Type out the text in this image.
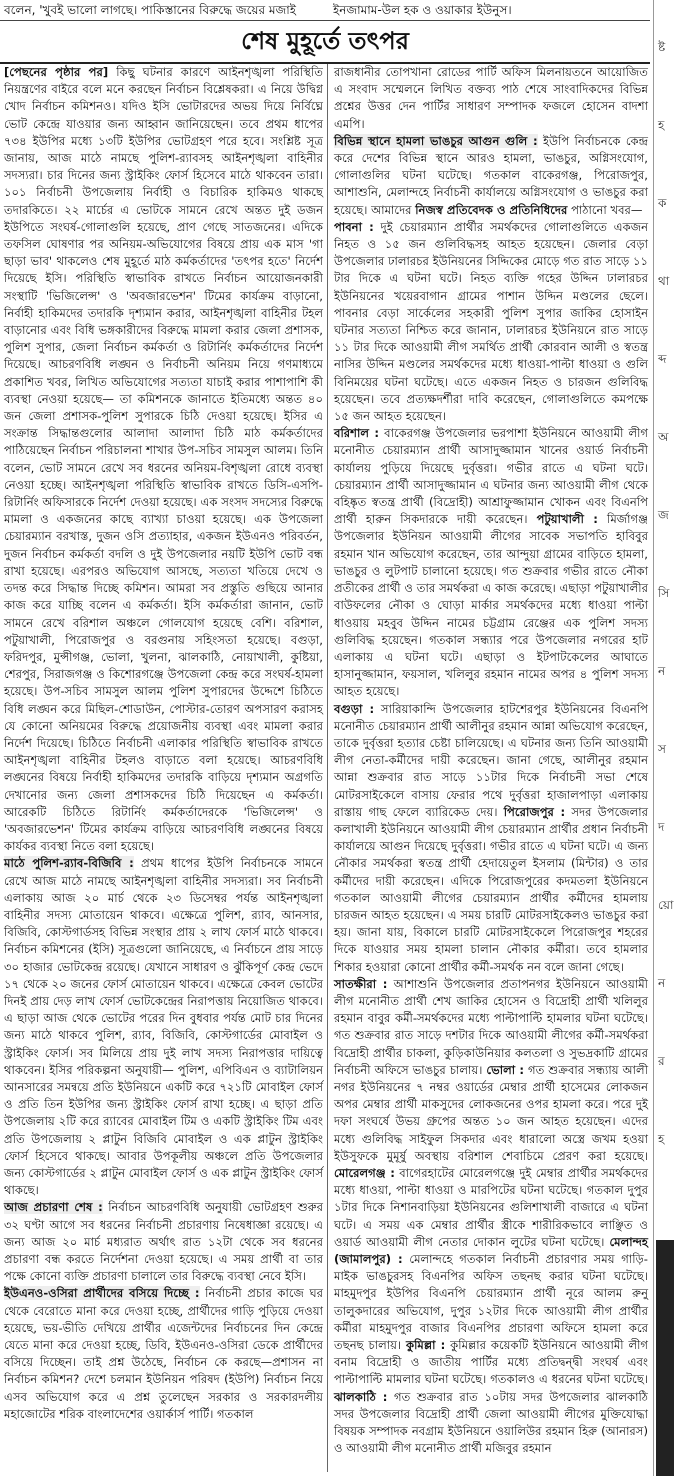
বলেন, 'খুবই ভালো লাগছে। পাকিস্তানের বিরুদ্ধে জয়ের মজাই	ইনজামাম-উল হক ও ওয়াকার ইউনুস।
শেষ মুহূর্তে তৎপর

[পেছনের পৃষ্ঠার পর] কিছু ঘটনার কারণে আইনশৃঙ্খলা পরিস্থিতি নিয়ন্ত্রণের বাইরে বলে মনে করছেন নির্বাচন বিশ্লেষকরা। এ নিয়ে উদ্বিগ্ন খোদ নির্বাচন কমিশনও। যদিও ইসি ভোটারদের অভয় দিয়ে নির্বিঘ্নে ভোট কেন্দ্রে যাওয়ার জন্য আহ্বান জানিয়েছেন। তবে প্রথম ধাপের ৭৩৪ ইউপির মধ্যে ১৩টি ইউপির ভোটগ্রহণ পরে হবে। সংশ্লিষ্ট সূত্র জানায়, আজ মাঠে নামছে পুলিশ-র‌্যাবসহ আইনশৃঙ্খলা বাহিনীর সদস্যরা। চার দিনের জন্য স্ট্রাইকিং ফোর্স হিসেবে মাঠে থাকবেন তারা। ১০১ নির্বাচনী উপজেলায় নির্বাহী ও বিচারিক হাকিমও থাকছে তদারকিতে। ২২ মার্চের এ ভোটকে সামনে রেখে অন্তত দুই ডজন ইউপিতে সংঘর্ষ-গোলাগুলি হয়েছে, প্রাণ গেছে সাতজনের। এদিকে তফসিল ঘোষণার পর অনিয়ম-অভিযোগের বিষয়ে প্রায় এক মাস 'গা ছাড়া ভাব' থাকলেও শেষ মুহূর্তে মাঠ কর্মকর্তাদের 'তৎপর হতে' নির্দেশ দিয়েছে ইসি। পরিস্থিতি স্বাভাবিক রাখতে নির্বাচন আয়োজনকারী সংস্থাটি 'ভিজিলেন্স' ও 'অবজারভেশন' টিমের কার্যক্রম বাড়ানো, নির্বাহী হাকিমদের তদারকি দৃশ্যমান করার, আইনশৃঙ্খলা বাহিনীর টহল বাড়ানোর এবং বিধি ভঙ্গকারীদের বিরুদ্ধে মামলা করার জেলা প্রশাসক, পুলিশ সুপার, জেলা নির্বাচন কর্মকর্তা ও রিটার্নিং কর্মকর্তাদের নির্দেশ দিয়েছে। আচরণবিধি লঙ্ঘন ও নির্বাচনী অনিয়ম নিয়ে গণমাধ্যমে প্রকাশিত খবর, লিখিত অভিযোগের সত্যতা যাচাই করার পাশাপাশি কী ব্যবস্থা নেওয়া হয়েছে— তা কমিশনকে জানাতে ইতিমধ্যে অন্তত ৪০ জন জেলা প্রশাসক-পুলিশ সুপারকে চিঠি দেওয়া হয়েছে। ইসির এ সংক্রান্ত সিদ্ধান্তগুলোর আলাদা আলাদা চিঠি মাঠ কর্মকর্তাদের পাঠিয়েছেন নির্বাচন পরিচালনা শাখার উপ-সচিব সামসুল আলম। তিনি বলেন, ভোট সামনে রেখে সব ধরনের অনিয়ম-বিশৃঙ্খলা রোধে ব্যবস্থা নেওয়া হচ্ছে। আইনশৃঙ্খলা পরিস্থিতি স্বাভাবিক রাখতে ডিসি-এসপি-রিটার্নিং অফিসারকে নির্দেশ দেওয়া হয়েছে। এক সংসদ সদস্যের বিরুদ্ধে মামলা ও একজনের কাছে ব্যাখ্যা চাওয়া হয়েছে। এক উপজেলা চেয়ারম্যান বরখাস্ত, দুজন ওসি প্রত্যাহার, একজন ইউএনও পরিবর্তন, দুজন নির্বাচন কর্মকর্তা বদলি ও দুই উপজেলার নয়টি ইউপি ভোট বন্ধ রাখা হয়েছে। এরপরও অভিযোগ আসছে, সত্যতা খতিয়ে দেখে ও তদন্ত করে সিদ্ধান্ত দিচ্ছে কমিশন। আমরা সব প্রস্তুতি গুছিয়ে আনার কাজ করে যাচ্ছি বলেন এ কর্মকর্তা। ইসি কর্মকর্তারা জানান, ভোট সামনে রেখে বরিশাল অঞ্চলে গোলযোগ হয়েছে বেশি। বরিশাল, পটুয়াখালী, পিরোজপুর ও বরগুনায় সহিংসতা হয়েছে। বগুড়া, ফরিদপুর, মুন্সীগঞ্জ, ভোলা, খুলনা, ঝালকাঠি, নোয়াখালী, কুষ্টিয়া, শেরপুর, সিরাজগঞ্জ ও কিশোরগঞ্জে উপজেলা কেন্দ্র করে সংঘর্ষ-হামলা হয়েছে। উপ-সচিব সামসুল আলম পুলিশ সুপারদের উদ্দেশে চিঠিতে বিধি লঙ্ঘন করে মিছিল-শোডাউন, পোস্টার-তোরণ অপসারণ করাসহ যে কোনো অনিয়মের বিরুদ্ধে প্রয়োজনীয় ব্যবস্থা এবং মামলা করার নির্দেশ দিয়েছে। চিঠিতে নির্বাচনী এলাকার পরিস্থিতি স্বাভাবিক রাখতে আইনশৃঙ্খলা বাহিনীর টহলও বাড়াতে বলা হয়েছে। আচরণবিধি লঙ্ঘনের বিষয়ে নির্বাহী হাকিমদের তদারকি বাড়িয়ে দৃশ্যমান অগ্রগতি দেখানোর জন্য জেলা প্রশাসকদের চিঠি দিয়েছেন এ কর্মকর্তা। আরেকটি চিঠিতে রিটার্নিং কর্মকর্তাদেরকে 'ভিজিলেন্স' ও 'অবজারভেশন' টিমের কার্যক্রম বাড়িয়ে আচরণবিধি লঙ্ঘনের বিষয়ে কার্যকর ব্যবস্থা নিতে বলা হয়েছে।

মাঠে পুলিশ-র‌্যাব-বিজিবি : প্রথম ধাপের ইউপি নির্বাচনকে সামনে রেখে আজ মাঠে নামছে আইনশৃঙ্খলা বাহিনীর সদস্যরা। সব নির্বাচনী এলাকায় আজ ২০ মার্চ থেকে ২৩ ডিসেম্বর পর্যন্ত আইনশৃঙ্খলা বাহিনীর সদস্য মোতায়েন থাকবে। এক্ষেত্রে পুলিশ, র‌্যাব, আনসার, বিজিবি, কোস্টগার্ডসহ বিভিন্ন সংস্থার প্রায় ২ লাখ ফোর্স মাঠে থাকবে। নির্বাচন কমিশনের (ইসি) সূত্রগুলো জানিয়েছে, এ নির্বাচনে প্রায় সাড়ে ৩০ হাজার ভোটকেন্দ্র রয়েছে। যেখানে সাধারণ ও ঝুঁকিপূর্ণ কেন্দ্র ভেদে ১৭ থেকে ২০ জনের ফোর্স মোতায়েন থাকবে। এক্ষেত্রে কেবল ভোটের দিনই প্রায় দেড় লাখ ফোর্স ভোটকেন্দ্রের নিরাপত্তায় নিয়োজিত থাকবে। এ ছাড়া আজ থেকে ভোটের পরের দিন বুধবার পর্যন্ত মোট চার দিনের জন্য মাঠে থাকবে পুলিশ, র‌্যাব, বিজিবি, কোস্টগার্ডের মোবাইল ও স্ট্রাইকিং ফোর্স। সব মিলিয়ে প্রায় দুই লাখ সদস্য নিরাপত্তার দায়িত্বে থাকবেন। ইসির পরিকল্পনা অনুযায়ী— পুলিশ, এপিবিএন ও ব্যাটালিয়ন আনসারের সমন্বয়ে প্রতি ইউনিয়নে একটি করে ৭২১টি মোবাইল ফোর্স ও প্রতি তিন ইউপির জন্য স্ট্রাইকিং ফোর্স রাখা হচ্ছে। এ ছাড়া প্রতি উপজেলায় ২টি করে র‌্যাবের মোবাইল টিম ও একটি স্ট্রাইকিং টিম এবং প্রতি উপজেলায় ২ প্লাটুন বিজিবি মোবাইল ও এক প্লাটুন স্ট্রাইকিং ফোর্স হিসেবে থাকছে। আবার উপকূলীয় অঞ্চলে প্রতি উপজেলার জন্য কোস্টগার্ডের ২ প্লাটুন মোবাইল ফোর্স ও এক প্লাটুন স্ট্রাইকিং ফোর্স থাকছে।

আজ প্রচারণা শেষ : নির্বাচন আচরণবিধি অনুযায়ী ভোটগ্রহণ শুরুর ৩২ ঘণ্টা আগে সব ধরনের নির্বাচনী প্রচারণায় নিষেধাজ্ঞা রয়েছে। এ জন্য আজ ২০ মার্চ মধ্যরাত অর্থাৎ রাত ১২টা থেকে সব ধরনের প্রচারণা বন্ধ করতে নির্দেশনা দেওয়া হয়েছে। এ সময় প্রার্থী বা তার পক্ষে কোনো ব্যক্তি প্রচারণা চালালে তার বিরুদ্ধে ব্যবস্থা নেবে ইসি।

ইউএনও-ওসিরা প্রার্থীদের বসিয়ে দিচ্ছে : নির্বাচনী প্রচার কাজে ঘর থেকে বেরোতে মানা করে দেওয়া হচ্ছে, প্রার্থীদের গাড়ি পুড়িয়ে দেওয়া হয়েছে, ভয়-ভীতি দেখিয়ে প্রার্থীর এজেন্টদের নির্বাচনের দিন কেন্দ্রে যেতে মানা করে দেওয়া হচ্ছে, ডিবি, ইউএনও-ওসিরা ডেকে প্রার্থীদের বসিয়ে দিচ্ছেন। তাই প্রশ্ন উঠেছে, নির্বাচন কে করছে—প্রশাসন না নির্বাচন কমিশন? দেশে চলমান ইউনিয়ন পরিষদ (ইউপি) নির্বাচন নিয়ে এসব অভিযোগ করে এ প্রশ্ন তুলেছেন সরকার ও সরকারদলীয় মহাজোটের শরিক বাংলাদেশের ওয়ার্কার্স পার্টি। গতকাল

রাজধানীর তোপখানা রোডের পার্টি অফিস মিলনায়তনে আয়োজিত এ সংবাদ সম্মেলনে লিখিত বক্তব্য পাঠ শেষে সাংবাদিকদের বিভিন্ন প্রশ্নের উত্তর দেন পার্টির সাধারণ সম্পাদক ফজলে হোসেন বাদশা এমপি।

বিভিন্ন স্থানে হামলা ভাঙচুর আগুন গুলি : ইউপি নির্বাচনকে কেন্দ্র করে দেশের বিভিন্ন স্থানে আরও হামলা, ভাঙচুর, অগ্নিসংযোগ, গোলাগুলির ঘটনা ঘটেছে। গতকাল বাকেরগঞ্জ, পিরোজপুর, আশাশুনি, মেলান্দহে নির্বাচনী কার্যালয়ে অগ্নিসংযোগ ও ভাঙচুর করা হয়েছে। আমাদের নিজস্ব প্রতিবেদক ও প্রতিনিধিদের পাঠানো খবর—

পাবনা : দুই চেয়ারম্যান প্রার্থীর সমর্থকদের গোলাগুলিতে একজন নিহত ও ১৫ জন গুলিবিদ্ধসহ আহত হয়েছেন। জেলার বেড়া উপজেলার ঢালারচর ইউনিয়নের সিদ্দিকের মোড়ে গত রাত সাড়ে ১১ টার দিকে এ ঘটনা ঘটে। নিহত ব্যক্তি গহের উদ্দিন ঢালারচর ইউনিয়নের খয়েরবাগান গ্রামের পাশান উদ্দিন মণ্ডলের ছেলে। পাবনার বেড়া সার্কেলের সহকারী পুলিশ সুপার জাকির হোসাইন ঘটনার সত্যতা নিশ্চিত করে জানান, ঢালারচর ইউনিয়নে রাত সাড়ে ১১ টার দিকে আওয়ামী লীগ সমর্থিত প্রার্থী কোরবান আলী ও স্বতন্ত্র নাসির উদ্দিন মণ্ডলের সমর্থকদের মধ্যে ধাওয়া-পাল্টা ধাওয়া ও গুলি বিনিময়ের ঘটনা ঘটেছে। এতে একজন নিহত ও চারজন গুলিবিদ্ধ হয়েছেন। তবে প্রত্যক্ষদর্শীরা দাবি করেছেন, গোলাগুলিতে কমপক্ষে ১৫ জন আহত হয়েছেন।

বরিশাল : বাকেরগঞ্জ উপজেলার ভরপাশা ইউনিয়নে আওয়ামী লীগ মনোনীত চেয়ারম্যান প্রার্থী আসাদুজ্জামান খানের ওয়ার্ড নির্বাচনী কার্যালয় পুড়িয়ে দিয়েছে দুর্বৃত্তরা। গভীর রাতে এ ঘটনা ঘটে। চেয়ারম্যান প্রার্থী আসাদুজ্জামান এ ঘটনার জন্য আওয়ামী লীগ থেকে বহিষ্কৃত স্বতন্ত্র প্রার্থী (বিদ্রোহী) আশ্রাফুজ্জামান খোকন এবং বিএনপি প্রার্থী হারুন সিকদারকে দায়ী করেছেন। পটুয়াখালী : মির্জাগঞ্জ উপজেলার ইউনিয়ন আওয়ামী লীগের সাবেক সভাপতি হাবিবুর রহমান খান অভিযোগ করেছেন, তার আন্দুয়া গ্রামের বাড়িতে হামলা, ভাঙচুর ও লুটপাট চালানো হয়েছে। গত শুক্রবার গভীর রাতে নৌকা প্রতীকের প্রার্থী ও তার সমর্থকরা এ কাজ করেছে। এছাড়া পটুয়াখালীর বাউফলের নৌকা ও ঘোড়া মার্কার সমর্থকদের মধ্যে ধাওয়া পাল্টা ধাওয়ায় মহবুব উদ্দিন নামের চট্টগ্রাম রেঞ্জের এক পুলিশ সদস্য গুলিবিদ্ধ হয়েছেন। গতকাল সন্ধ্যার পরে উপজেলার নগরের হাট এলাকায় এ ঘটনা ঘটে। এছাড়া ও ইটপাটকেলের আঘাতে হাসানুজ্জামান, ফয়সাল, খলিলুর রহমান নামের অপর ৪ পুলিশ সদস্য আহত হয়েছে।

বগুড়া : সারিয়াকান্দি উপজেলার হাটশেরপুর ইউনিয়নের বিএনপি মনোনীত চেয়ারম্যান প্রার্থী আলীনুর রহমান আন্না অভিযোগ করেছেন, তাকে দুর্বৃত্তরা হত্যার চেষ্টা চালিয়েছে। এ ঘটনার জন্য তিনি আওয়ামী লীগ নেতা-কর্মীদের দায়ী করেছেন। জানা গেছে, আলীনুর রহমান আন্না শুক্রবার রাত সাড়ে ১১টার দিকে নির্বাচনী সভা শেষে মোটরসাইকেলে বাসায় ফেরার পথে দুর্বৃত্তরা হাজালপাড়া এলাকায় রাস্তায় গাছ ফেলে ব্যারিকেড দেয়। পিরোজপুর : সদর উপজেলার কলাখালী ইউনিয়নে আওয়ামী লীগ চেয়ারম্যান প্রার্থীর প্রধান নির্বাচনী কার্যালয়ে আগুন দিয়েছে দুর্বৃত্তরা। গভীর রাতে এ ঘটনা ঘটে। এ জন্য নৌকার সমর্থকরা স্বতন্ত্র প্রার্থী হেদায়েতুল ইসলাম (মিন্টার) ও তার কর্মীদের দায়ী করেছেন। এদিকে পিরোজপুরের কদমতলা ইউনিয়নে গতকাল আওয়ামী লীগের চেয়ারম্যান প্রার্থীর কর্মীদের হামলায় চারজন আহত হয়েছেন। এ সময় চারটি মোটরসাইকেলও ভাঙচুর করা হয়। জানা যায়, বিকালে চারটি মোটরসাইকেলে পিরোজপুর শহরের দিকে যাওয়ার সময় হামলা চালান নৌকার কর্মীরা। তবে হামলার শিকার হওয়ারা কোনো প্রার্থীর কর্মী-সমর্থক নন বলে জানা গেছে।

সাতক্ষীরা : আশাশুনি উপজেলার প্রতাপনগর ইউনিয়নে আওয়ামী লীগ মনোনীত প্রার্থী শেখ জাকির হোসেন ও বিদ্রোহী প্রার্থী খলিলুর রহমান বাবুর কর্মী-সমর্থকদের মধ্যে পাল্টাপাল্টি হামলার ঘটনা ঘটেছে। গত শুক্রবার রাত সাড়ে দশটার দিকে আওয়ামী লীগের কর্মী-সমর্থকরা বিদ্রোহী প্রার্থীর চাকলা, কুড়িকাউনিয়ার কলতলা ও সুভদ্রকাটি গ্রামের নির্বাচনী অফিসে ভাঙচুর চালায়। ভোলা : গত শুক্রবার সন্ধ্যায় আলী নগর ইউনিয়নের ৭ নম্বর ওয়ার্ডের মেম্বার প্রার্থী হাসেমের লোকজন অপর মেম্বার প্রার্থী মাকসুদের লোকজনের ওপর হামলা করে। পরে দুই দফা সংঘর্ষে উভয় গ্রুপের অন্তত ১০ জন আহত হয়েছেন। এদের মধ্যে গুলিবিদ্ধ সাইফুল সিকদার এবং ধারালো অস্ত্রে জখম হওয়া ইউসুফকে মুমূর্ষু অবস্থায় বরিশাল শেবাচিমে প্রেরণ করা হয়েছে। মোরেলগঞ্জ : বাগেরহাটের মোরেলগঞ্জে দুই মেম্বার প্রার্থীর সমর্থকদের মধ্যে ধাওয়া, পাল্টা ধাওয়া ও মারপিটের ঘটনা ঘটেছে। গতকাল দুপুর ১টার দিকে নিশানবাড়িয়া ইউনিয়নের গুলিশাখালী বাজারে এ ঘটনা ঘটে। এ সময় এক মেম্বার প্রার্থীর স্ত্রীকে শারীরিকভাবে লাঞ্ছিত ও ওয়ার্ড আওয়ামী লীগ নেতার দোকান লুটের ঘটনা ঘটেছে। মেলান্দহ (জামালপুর) : মেলান্দহে গতকাল নির্বাচনী প্রচারণার সময় গাড়ি-মাইক ভাঙচুরসহ বিএনপির অফিস তছনছ করার ঘটনা ঘটেছে। মাহমুদপুর ইউপির বিএনপি চেয়ারম্যান প্রার্থী নূরে আলম রুনু তালুকদারের অভিযোগ, দুপুর ১২টার দিকে আওয়ামী লীগ প্রার্থীর কর্মীরা মাহমুদপুর বাজার বিএনপির প্রচারণা অফিসে হামলা করে তছনছ চালায়। কুমিল্লা : কুমিল্লার কয়েকটি ইউনিয়নে আওয়ামী লীগ বনাম বিদ্রোহী ও জাতীয় পার্টির মধ্যে প্রতিদ্বন্দ্বী সংঘর্ষ এবং পাল্টাপাল্টি মামলার ঘটনা ঘটেছে। গতকালও এ ধরনের ঘটনা ঘটেছে। ঝালকাঠি : গত শুক্রবার রাত ১০টায় সদর উপজেলার ঝালকাঠি সদর উপজেলার বিদ্রোহী প্রার্থী জেলা আওয়ামী লীগের মুক্তিযোদ্ধা বিষয়ক সম্পাদক নবগ্রাম ইউনিয়নে ওয়ালিউর রহমান হিরু (আনারস) ও আওয়ামী লীগ মনোনীত প্রার্থী মজিবুর রহমান

ষ্ট
হ
ক
থা
ব্দ
অ
জ
সি
ন
স
দ
য়ো
ন
র
হ
